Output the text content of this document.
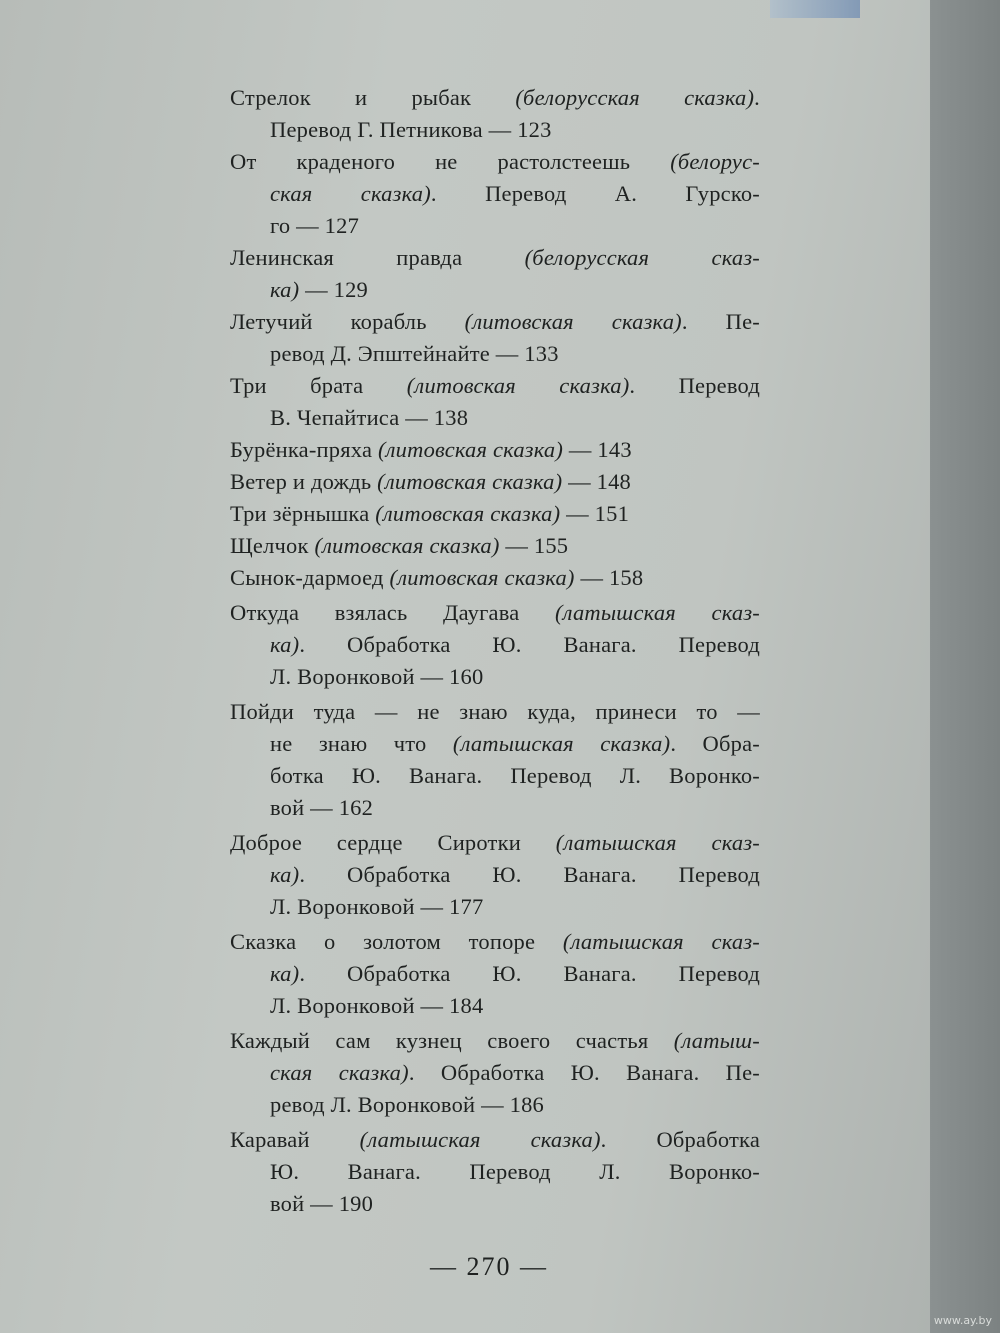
Стрелок и рыбак (белорусская сказка).
Перевод Г. Петникова — 123

От краденого не растолстеешь (белорус-
ская сказка). Перевод А. Гурско-
го — 127

Ленинская правда (белорусская сказ-
ка) — 129

Летучий корабль (литовская сказка). Пе-
ревод Д. Эпштейнайте — 133

Три брата (литовская сказка). Перевод
В. Чепайтиса — 138

Бурёнка-пряха (литовская сказка) — 143

Ветер и дождь (литовская сказка) — 148

Три зёрнышка (литовская сказка) — 151

Щелчок (литовская сказка) — 155

Сынок-дармоед (литовская сказка) — 158

Откуда взялась Даугава (латышская сказ-
ка). Обработка Ю. Ванага. Перевод
Л. Воронковой — 160

Пойди туда — не знаю куда, принеси то —
не знаю что (латышская сказка). Обра-
ботка Ю. Ванага. Перевод Л. Воронко-
вой — 162

Доброе сердце Сиротки (латышская сказ-
ка). Обработка Ю. Ванага. Перевод
Л. Воронковой — 177

Сказка о золотом топоре (латышская сказ-
ка). Обработка Ю. Ванага. Перевод
Л. Воронковой — 184

Каждый сам кузнец своего счастья (латыш-
ская сказка). Обработка Ю. Ванага. Пе-
ревод Л. Воронковой — 186

Каравай (латышская сказка). Обработка
Ю. Ванага. Перевод Л. Воронко-
вой — 190

— 270 —
www.ay.by
